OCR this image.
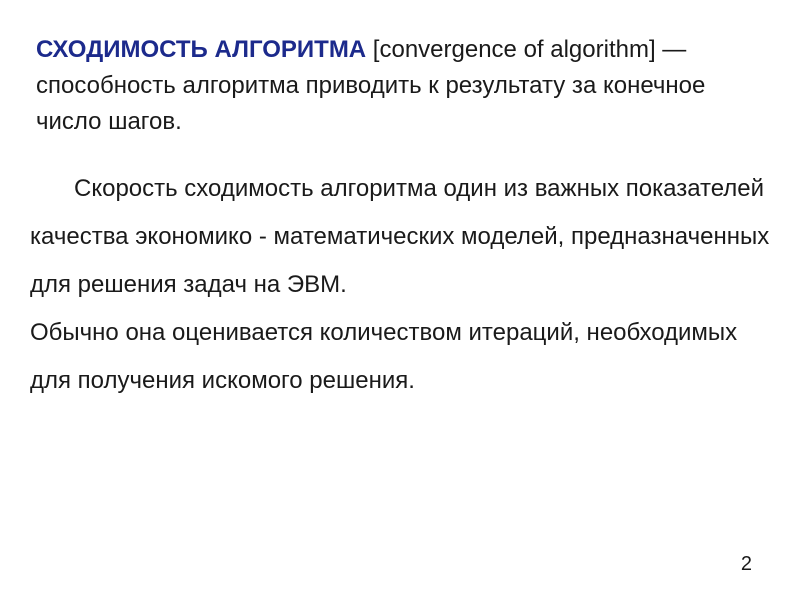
СХОДИМОСТЬ АЛГОРИТМА [convergence of algorithm] — способность алгоритма приводить к результату за конечное число шагов.

Скорость сходимость алгоритма один из важных показателей качества экономико - математических моделей, предназначенных для решения задач на ЭВМ.

Обычно она оценивается количеством итераций, необходимых для получения искомого решения.

2
